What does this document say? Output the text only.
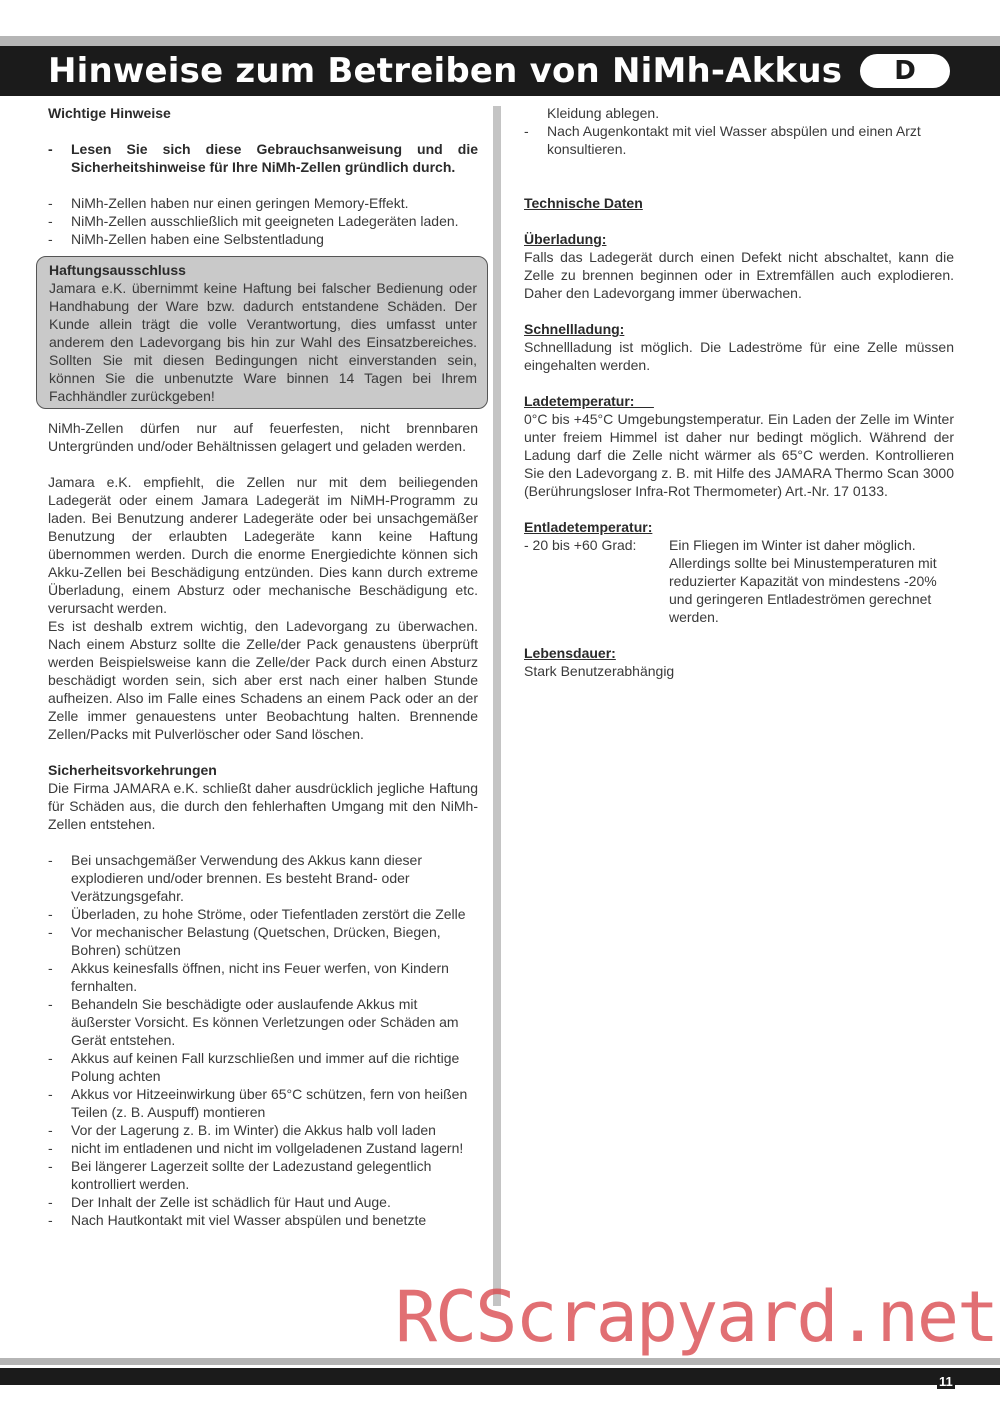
Hinweise zum Betreiben von NiMh-Akkus	D

Wichtige Hinweise

- Lesen Sie sich diese Gebrauchsanweisung und die Sicherheitshinweise für Ihre NiMh-Zellen gründlich durch.
- NiMh-Zellen haben nur einen geringen Memory-Effekt.
- NiMh-Zellen ausschließlich mit geeigneten Ladegeräten laden.
- NiMh-Zellen haben eine Selbstentladung

Haftungsausschluss

Jamara e.K. übernimmt keine Haftung bei falscher Bedienung oder Handhabung der Ware bzw. dadurch entstandene Schäden. Der Kunde allein trägt die volle Verantwortung, dies umfasst unter anderem den Ladevorgang bis hin zur Wahl des Einsatzbereiches. Sollten Sie mit diesen Bedingungen nicht einverstanden sein, können Sie die unbenutzte Ware binnen 14 Tagen bei Ihrem Fachhändler zurückgeben!

NiMh-Zellen dürfen nur auf feuerfesten, nicht brennbaren Untergründen und/oder Behältnissen gelagert und geladen werden.

Jamara e.K. empfiehlt, die Zellen nur mit dem beiliegenden Ladegerät oder einem Jamara Ladegerät im NiMH-Programm zu laden. Bei Benutzung anderer Ladegeräte oder bei unsachgemäßer Benutzung der erlaubten Ladegeräte kann keine Haftung übernommen werden. Durch die enorme Energiedichte können sich Akku-Zellen bei Beschädigung entzünden. Dies kann durch extreme Überladung, einem Absturz oder mechanische Beschädigung etc. verursacht werden.

Es ist deshalb extrem wichtig, den Ladevorgang zu überwachen. Nach einem Absturz sollte die Zelle/der Pack genaustens überprüft werden Beispielsweise kann die Zelle/der Pack durch einen Absturz beschädigt worden sein, sich aber erst nach einer halben Stunde aufheizen. Also im Falle eines Schadens an einem Pack oder an der Zelle immer genauestens unter Beobachtung halten. Brennende Zellen/Packs mit Pulverlöscher oder Sand löschen.

Sicherheitsvorkehrungen

Die Firma JAMARA e.K. schließt daher ausdrücklich jegliche Haftung für Schäden aus, die durch den fehlerhaften Umgang mit den NiMh-Zellen entstehen.

- Bei unsachgemäßer Verwendung des Akkus kann dieser explodieren und/oder brennen. Es besteht Brand- oder Verätzungsgefahr.
- Überladen, zu hohe Ströme, oder Tiefentladen zerstört die Zelle
- Vor mechanischer Belastung (Quetschen, Drücken, Biegen, Bohren) schützen
- Akkus keinesfalls öffnen, nicht ins Feuer werfen, von Kindern fernhalten.
- Behandeln Sie beschädigte oder auslaufende Akkus mit äußerster Vorsicht. Es können Verletzungen oder Schäden am Gerät entstehen.
- Akkus auf keinen Fall kurzschließen und immer auf die richtige Polung achten
- Akkus vor Hitzeeinwirkung über 65°C schützen, fern von heißen Teilen (z. B. Auspuff) montieren
- Vor der Lagerung z. B. im Winter) die Akkus halb voll laden
- nicht im entladenen und nicht im vollgeladenen Zustand lagern!
- Bei längerer Lagerzeit sollte der Ladezustand gelegentlich kontrolliert werden.
- Der Inhalt der Zelle ist schädlich für Haut und Auge.
- Nach Hautkontakt mit viel Wasser abspülen und benetzte
Kleidung ablegen.
- Nach Augenkontakt mit viel Wasser abspülen und einen Arzt konsultieren.

Technische Daten

Überladung:

Falls das Ladegerät durch einen Defekt nicht abschaltet, kann die Zelle zu brennen beginnen oder in Extremfällen auch explodieren. Daher den Ladevorgang immer überwachen.

Schnellladung:

Schnellladung ist möglich. Die Ladeströme für eine Zelle müssen eingehalten werden.

Ladetemperatur:

0°C bis +45°C Umgebungstemperatur. Ein Laden der Zelle im Winter unter freiem Himmel ist daher nur bedingt möglich. Während der Ladung darf die Zelle nicht wärmer als 65°C werden. Kontrollieren Sie den Ladevorgang z. B. mit Hilfe des JAMARA Thermo Scan 3000 (Berührungsloser Infra-Rot Thermometer) Art.-Nr. 17 0133.

Entladetemperatur:

- 20 bis +60 Grad:	Ein Fliegen im Winter ist daher möglich. Allerdings sollte bei Minustemperaturen mit reduzierter Kapazität von mindestens -20% und geringeren Entladeströmen gerechnet werden.

Lebensdauer:

Stark Benutzerabhängig

RCScrapyard.net
11
